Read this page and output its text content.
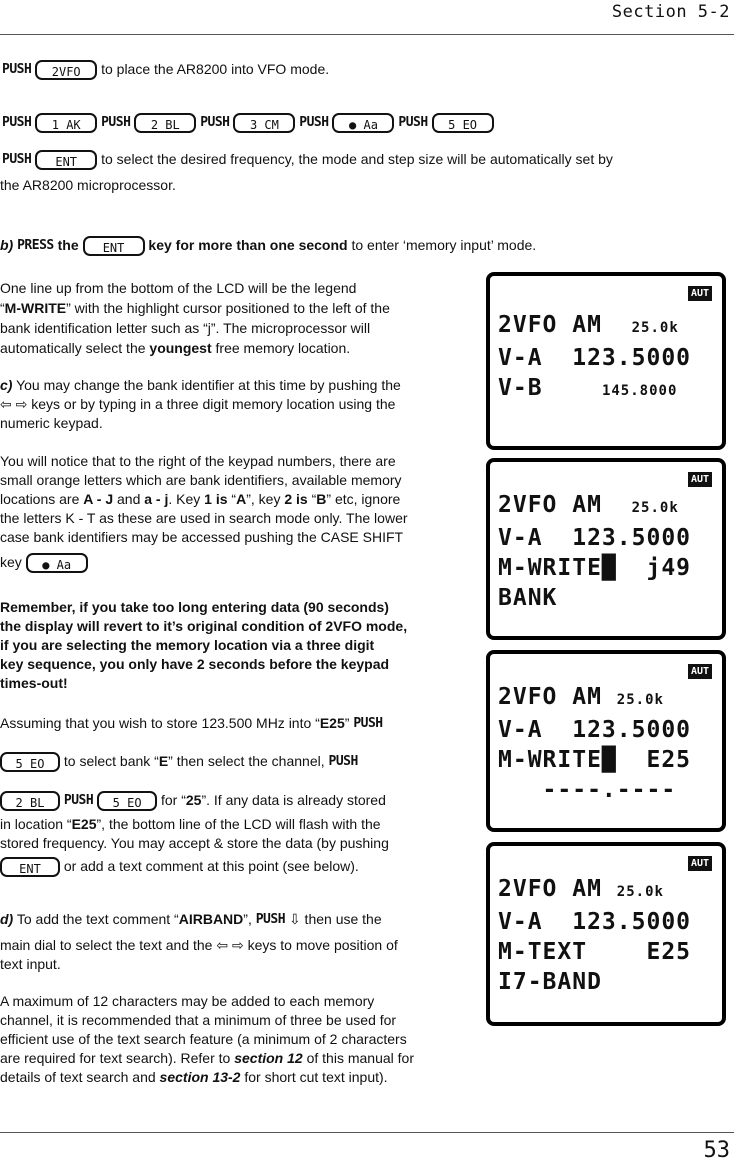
Section 5-2
PUSH 2VFO to place the AR8200 into VFO mode.
PUSH 1 AK PUSH 2 BL PUSH 3 CM PUSH ● Aa PUSH 5 EO
PUSH ENT to select the desired frequency, the mode and step size will be automatically set by
the AR8200 microprocessor.
b) PRESS the ENT key for more than one second to enter ‘memory input’ mode.
One line up from the bottom of the LCD will be the legend
“M-WRITE” with the highlight cursor positioned to the left of the
bank identification letter such as “j”. The microprocessor will
automatically select the youngest free memory location.
c) You may change the bank identifier at this time by pushing the
⇦ ⇨ keys or by typing in a three digit memory location using the
numeric keypad.
You will notice that to the right of the keypad numbers, there are
small orange letters which are bank identifiers, available memory
locations are A - J and a - j. Key 1 is “A”, key 2 is “B” etc, ignore
the letters K - T as these are used in search mode only. The lower
case bank identifiers may be accessed pushing the CASE SHIFT
key ● Aa
Remember, if you take too long entering data (90 seconds)
the display will revert to it’s original condition of 2VFO mode,
if you are selecting the memory location via a three digit
key sequence, you only have 2 seconds before the keypad
times-out!
Assuming that you wish to store 123.500 MHz into “E25” PUSH
5 EO to select bank “E” then select the channel, PUSH
2 BL PUSH 5 EO for “25”. If any data is already stored
in location “E25”, the bottom line of the LCD will flash with the
stored frequency. You may accept & store the data (by pushing
ENT or add a text comment at this point (see below).
d) To add the text comment “AIRBAND”, PUSH ⇩ then use the
main dial to select the text and the ⇦ ⇨ keys to move position of
text input.
A maximum of 12 characters may be added to each memory
channel, it is recommended that a minimum of three be used for
efficient use of the text search feature (a minimum of 2 characters
are required for text search). Refer to section 12 of this manual for
details of text search and section 13-2 for short cut text input).
AUT
2VFO AM  25.0k
V-A  123.5000
V-B    145.8000
AUT
2VFO AM  25.0k
V-A  123.5000
M-WRITE█  j49
BANK
AUT
2VFO AM 25.0k
V-A  123.5000
M-WRITE█  E25
----.----
AUT
2VFO AM 25.0k
V-A  123.5000
M-TEXT    E25
I7-BAND
53
